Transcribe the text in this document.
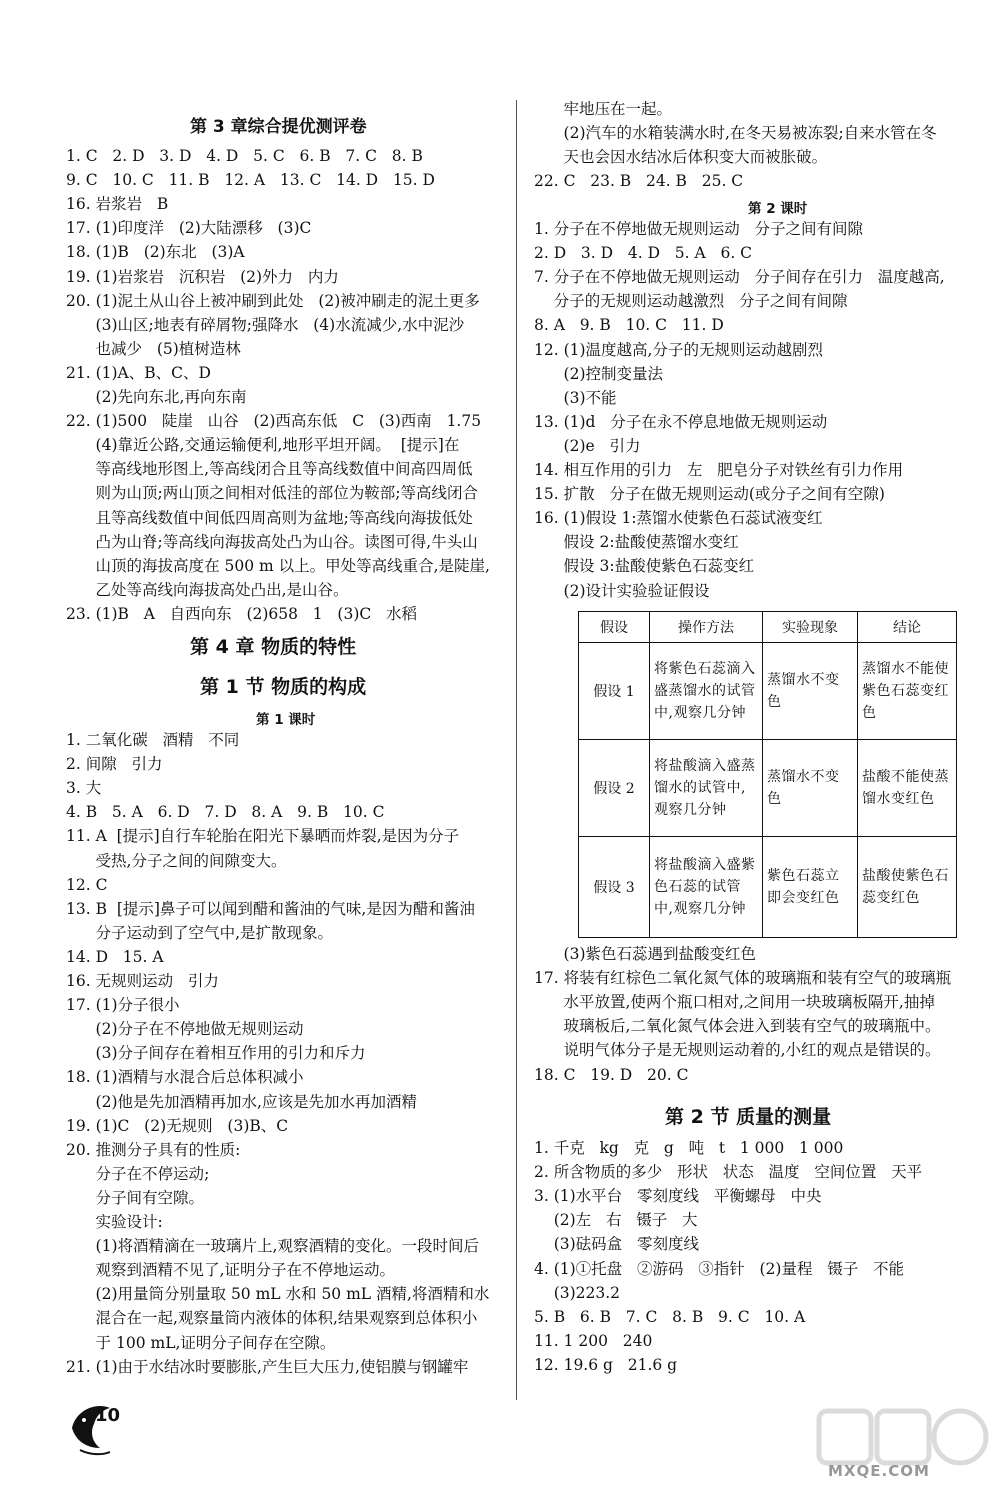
第 3 章综合提优测评卷
1. C   2. D   3. D   4. D   5. C   6. B   7. C   8. B
9. C   10. C   11. B   12. A   13. C   14. D   15. D
16. 岩浆岩   B
17. (1)印度洋   (2)大陆漂移   (3)C
18. (1)B   (2)东北   (3)A
19. (1)岩浆岩   沉积岩   (2)外力   内力
20. (1)泥土从山谷上被冲刷到此处   (2)被冲刷走的泥土更多
(3)山区;地表有碎屑物;强降水   (4)水流减少,水中泥沙
也减少   (5)植树造林
21. (1)A、B、C、D
(2)先向东北,再向东南
22. (1)500   陡崖   山谷   (2)西高东低   C   (3)西南   1.75
(4)靠近公路,交通运输便利,地形平坦开阔。  [提示]在
等高线地形图上,等高线闭合且等高线数值中间高四周低
则为山顶;两山顶之间相对低洼的部位为鞍部;等高线闭合
且等高线数值中间低四周高则为盆地;等高线向海拔低处
凸为山脊;等高线向海拔高处凸为山谷。读图可得,牛头山
山顶的海拔高度在 500 m 以上。甲处等高线重合,是陡崖,
乙处等高线向海拔高处凸出,是山谷。
23. (1)B   A   自西向东   (2)658   1   (3)C   水稻
第 4 章 物质的特性
第 1 节 物质的构成
第 1 课时
1. 二氧化碳   酒精   不同
2. 间隙   引力
3. 大
4. B   5. A   6. D   7. D   8. A   9. B   10. C
11. A  [提示]自行车轮胎在阳光下暴晒而炸裂,是因为分子
受热,分子之间的间隙变大。
12. C
13. B  [提示]鼻子可以闻到醋和酱油的气味,是因为醋和酱油
分子运动到了空气中,是扩散现象。
14. D   15. A
16. 无规则运动   引力
17. (1)分子很小
(2)分子在不停地做无规则运动
(3)分子间存在着相互作用的引力和斥力
18. (1)酒精与水混合后总体积减小
(2)他是先加酒精再加水,应该是先加水再加酒精
19. (1)C   (2)无规则   (3)B、C
20. 推测分子具有的性质:
分子在不停运动;
分子间有空隙。
实验设计:
(1)将酒精滴在一玻璃片上,观察酒精的变化。一段时间后
观察到酒精不见了,证明分子在不停地运动。
(2)用量筒分别量取 50 mL 水和 50 mL 酒精,将酒精和水
混合在一起,观察量筒内液体的体积,结果观察到总体积小
于 100 mL,证明分子间存在空隙。
21. (1)由于水结冰时要膨胀,产生巨大压力,使铝膜与钢罐牢
牢地压在一起。
(2)汽车的水箱装满水时,在冬天易被冻裂;自来水管在冬
天也会因水结冰后体积变大而被胀破。
22. C   23. B   24. B   25. C
第 2 课时
1. 分子在不停地做无规则运动   分子之间有间隙
2. D   3. D   4. D   5. A   6. C
7. 分子在不停地做无规则运动   分子间存在引力   温度越高,
分子的无规则运动越激烈   分子之间有间隙
8. A   9. B   10. C   11. D
12. (1)温度越高,分子的无规则运动越剧烈
(2)控制变量法
(3)不能
13. (1)d   分子在永不停息地做无规则运动
(2)e   引力
14. 相互作用的引力   左   肥皂分子对铁丝有引力作用
15. 扩散   分子在做无规则运动(或分子之间有空隙)
16. (1)假设 1:蒸馏水使紫色石蕊试液变红
假设 2:盐酸使蒸馏水变红
假设 3:盐酸使紫色石蕊变红
(2)设计实验验证假设
假设	操作方法	实验现象	结论
假设 1	将紫色石蕊滴入盛蒸馏水的试管中,观察几分钟	蒸馏水不变色	蒸馏水不能使紫色石蕊变红色
假设 2	将盐酸滴入盛蒸馏水的试管中,观察几分钟	蒸馏水不变色	盐酸不能使蒸馏水变红色
假设 3	将盐酸滴入盛紫色石蕊的试管中,观察几分钟	紫色石蕊立即会变红色	盐酸使紫色石蕊变红色
(3)紫色石蕊遇到盐酸变红色
17. 将装有红棕色二氧化氮气体的玻璃瓶和装有空气的玻璃瓶
水平放置,使两个瓶口相对,之间用一块玻璃板隔开,抽掉
玻璃板后,二氧化氮气体会进入到装有空气的玻璃瓶中。
说明气体分子是无规则运动着的,小红的观点是错误的。
18. C   19. D   20. C
第 2 节 质量的测量
1. 千克   kg   克   g   吨   t   1 000   1 000
2. 所含物质的多少   形状   状态   温度   空间位置   天平
3. (1)水平台   零刻度线   平衡螺母   中央
(2)左   右   镊子   大
(3)砝码盒   零刻度线
4. (1)①托盘   ②游码   ③指针   (2)量程   镊子   不能
(3)223.2
5. B   6. B   7. C   8. B   9. C   10. A
11. 1 200   240
12. 19.6 g   21.6 g
10
MXQE.COM
